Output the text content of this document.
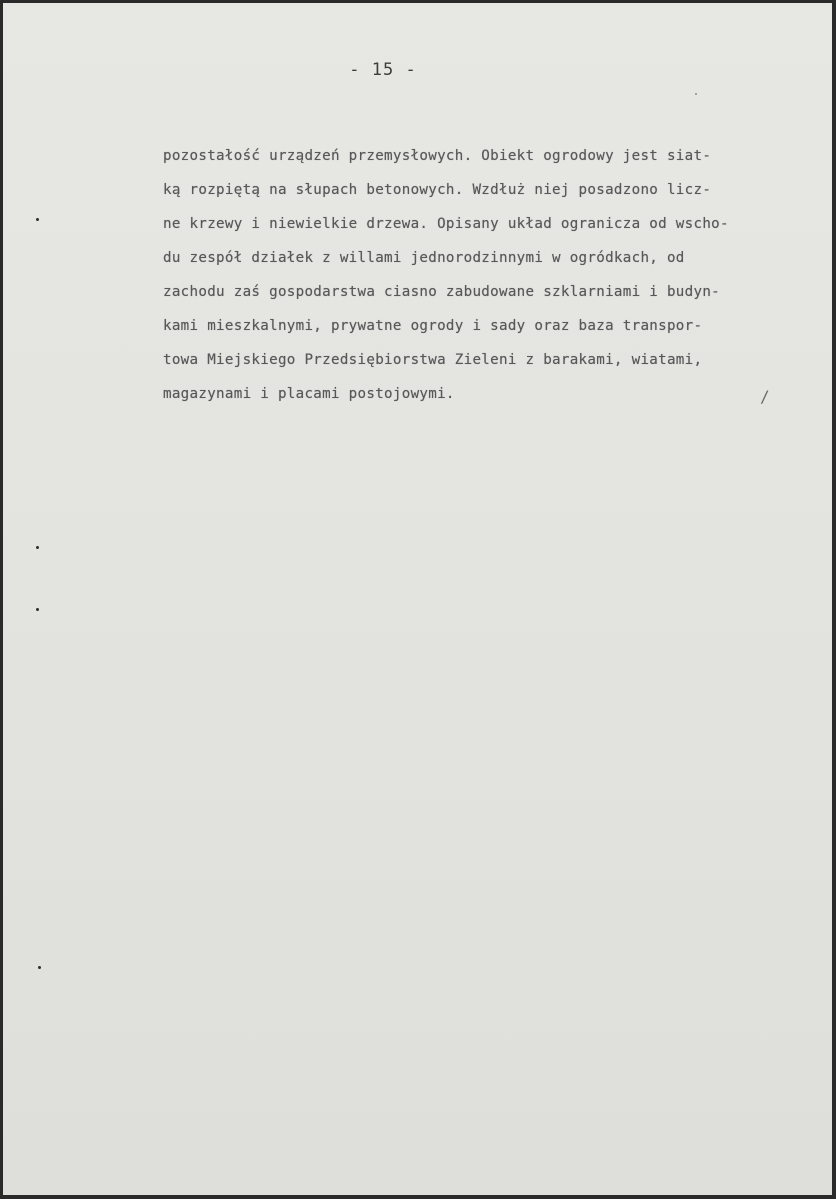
- 15 -
pozostałość urządzeń przemysłowych. Obiekt ogrodowy jest siat-
ką rozpiętą na słupach betonowych. Wzdłuż niej posadzono licz-
ne krzewy i niewielkie drzewa. Opisany układ ogranicza od wscho-
du zespół działek z willami jednorodzinnymi w ogródkach, od
zachodu zaś gospodarstwa ciasno zabudowane szklarniami i budyn-
kami mieszkalnymi, prywatne ogrody i sady oraz baza transpor-
towa Miejskiego Przedsiębiorstwa Zieleni z barakami, wiatami,
magazynami i placami postojowymi.	/
